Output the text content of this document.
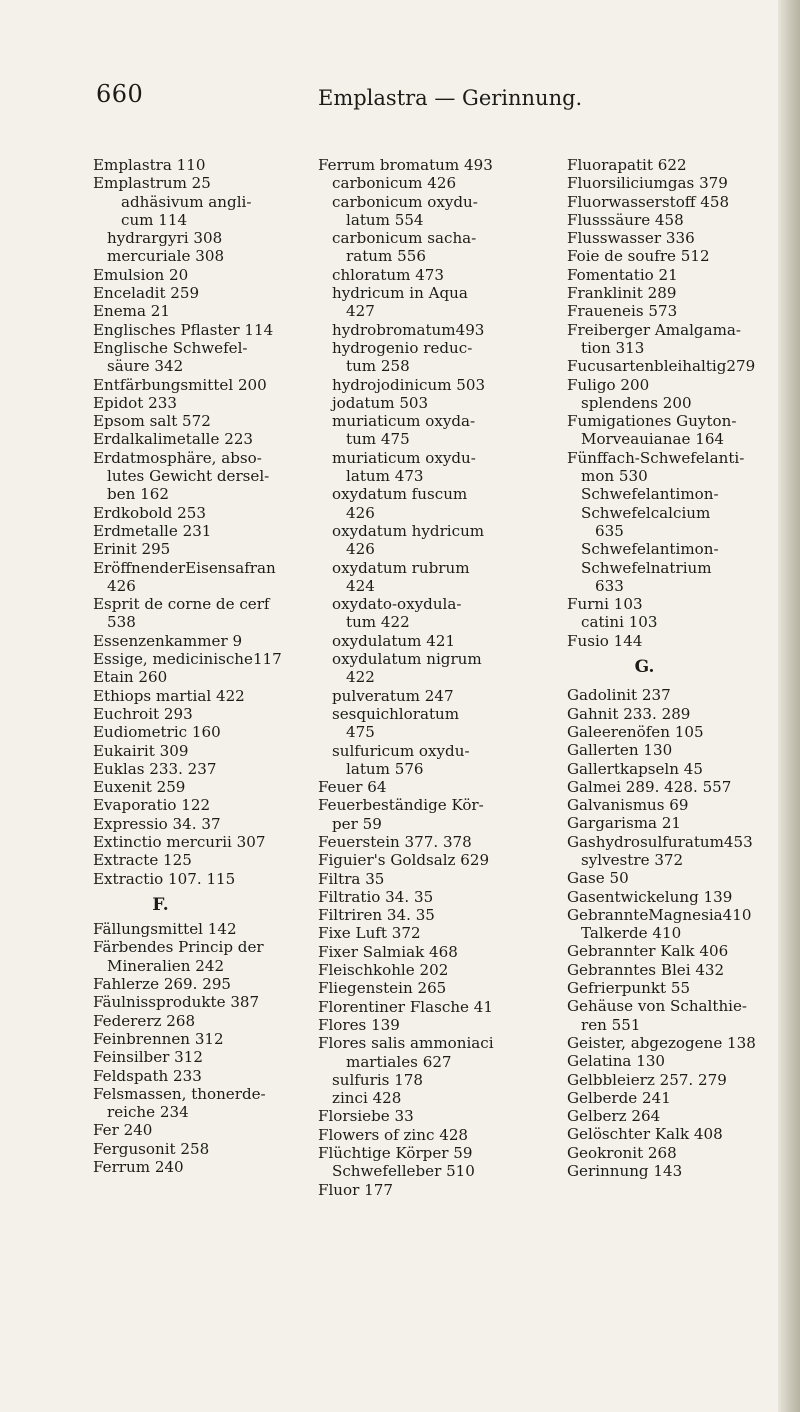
660	Emplastra — Gerinnung.
Emplastra 110
Emplastrum 25
adhäsivum angli-
cum 114
hydrargyri 308
mercuriale 308
Emulsion 20
Enceladit 259
Enema 21
Englisches Pflaster 114
Englische Schwefel-
säure 342
Entfärbungsmittel 200
Epidot 233
Epsom salt 572
Erdalkalimetalle 223
Erdatmosphäre, abso-
lutes Gewicht dersel-
ben 162
Erdkobold 253
Erdmetalle 231
Erinit 295
EröffnenderEisensafran
426
Esprit de corne de cerf
538
Essenzenkammer 9
Essige, medicinische117
Etain 260
Ethiops martial 422
Euchroit 293
Eudiometric 160
Eukairit 309
Euklas 233. 237
Euxenit 259
Evaporatio 122
Expressio 34. 37
Extinctio mercurii 307
Extracte 125
Extractio 107. 115
F.
Fällungsmittel 142
Färbendes Princip der
Mineralien 242
Fahlerze 269. 295
Fäulnissprodukte 387
Federerz 268
Feinbrennen 312
Feinsilber 312
Feldspath 233
Felsmassen, thonerde-
reiche 234
Fer 240
Fergusonit 258
Ferrum 240
Ferrum bromatum 493
carbonicum 426
carbonicum oxydu-
latum 554
carbonicum sacha-
ratum 556
chloratum 473
hydricum in Aqua
427
hydrobromatum493
hydrogenio reduc-
tum 258
hydrojodinicum 503
jodatum 503
muriaticum oxyda-
tum 475
muriaticum oxydu-
latum 473
oxydatum fuscum
426
oxydatum hydricum
426
oxydatum rubrum
424
oxydato-oxydula-
tum 422
oxydulatum 421
oxydulatum nigrum
422
pulveratum 247
sesquichloratum
475
sulfuricum oxydu-
latum 576
Feuer 64
Feuerbeständige Kör-
per 59
Feuerstein 377. 378
Figuier's Goldsalz 629
Filtra 35
Filtratio 34. 35
Filtriren 34. 35
Fixe Luft 372
Fixer Salmiak 468
Fleischkohle 202
Fliegenstein 265
Florentiner Flasche 41
Flores 139
Flores salis ammoniaci
martiales 627
sulfuris 178
zinci 428
Florsiebe 33
Flowers of zinc 428
Flüchtige Körper 59
Schwefelleber 510
Fluor 177
Fluorapatit 622
Fluorsiliciumgas 379
Fluorwasserstoff 458
Flusssäure 458
Flusswasser 336
Foie de soufre 512
Fomentatio 21
Franklinit 289
Fraueneis 573
Freiberger Amalgama-
tion 313
Fucusartenbleihaltig279
Fuligo 200
splendens 200
Fumigationes Guyton-
Morveauianae 164
Fünffach-Schwefelanti-
mon 530
Schwefelantimon-
Schwefelcalcium
635
Schwefelantimon-
Schwefelnatrium
633
Furni 103
catini 103
Fusio 144
G.
Gadolinit 237
Gahnit 233. 289
Galeerenöfen 105
Gallerten 130
Gallertkapseln 45
Galmei 289. 428. 557
Galvanismus 69
Gargarisma 21
Gashydrosulfuratum453
sylvestre 372
Gase 50
Gasentwickelung 139
GebrannteMagnesia410
Talkerde 410
Gebrannter Kalk 406
Gebranntes Blei 432
Gefrierpunkt 55
Gehäuse von Schalthie-
ren 551
Geister, abgezogene 138
Gelatina 130
Gelbbleierz 257. 279
Gelberde 241
Gelberz 264
Gelöschter Kalk 408
Geokronit 268
Gerinnung 143
